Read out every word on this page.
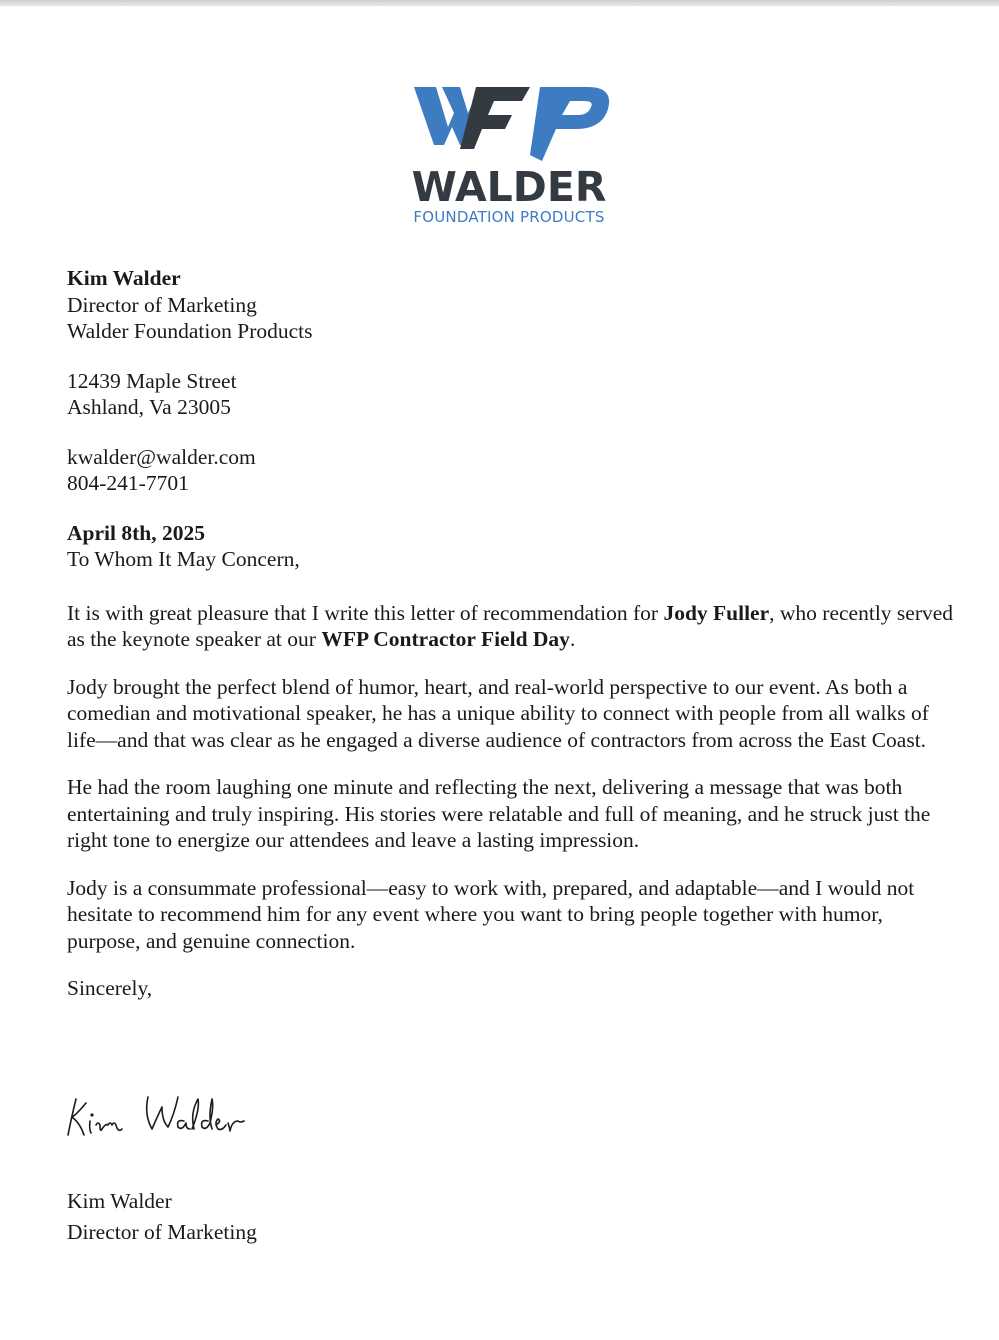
WALDER
FOUNDATION PRODUCTS

Kim Walder

Director of Marketing

Walder Foundation Products

12439 Maple Street

Ashland, Va 23005

kwalder@walder.com

804-241-7701

April 8th, 2025

To Whom It May Concern,

It is with great pleasure that I write this letter of recommendation for Jody Fuller, who recently served as the keynote speaker at our WFP Contractor Field Day.

Jody brought the perfect blend of humor, heart, and real-world perspective to our event. As both a comedian and motivational speaker, he has a unique ability to connect with people from all walks of life—and that was clear as he engaged a diverse audience of contractors from across the East Coast.

He had the room laughing one minute and reflecting the next, delivering a message that was both entertaining and truly inspiring. His stories were relatable and full of meaning, and he struck just the right tone to energize our attendees and leave a lasting impression.

Jody is a consummate professional—easy to work with, prepared, and adaptable—and I would not hesitate to recommend him for any event where you want to bring people together with humor, purpose, and genuine connection.

Sincerely,

Kim Walder

Director of Marketing
